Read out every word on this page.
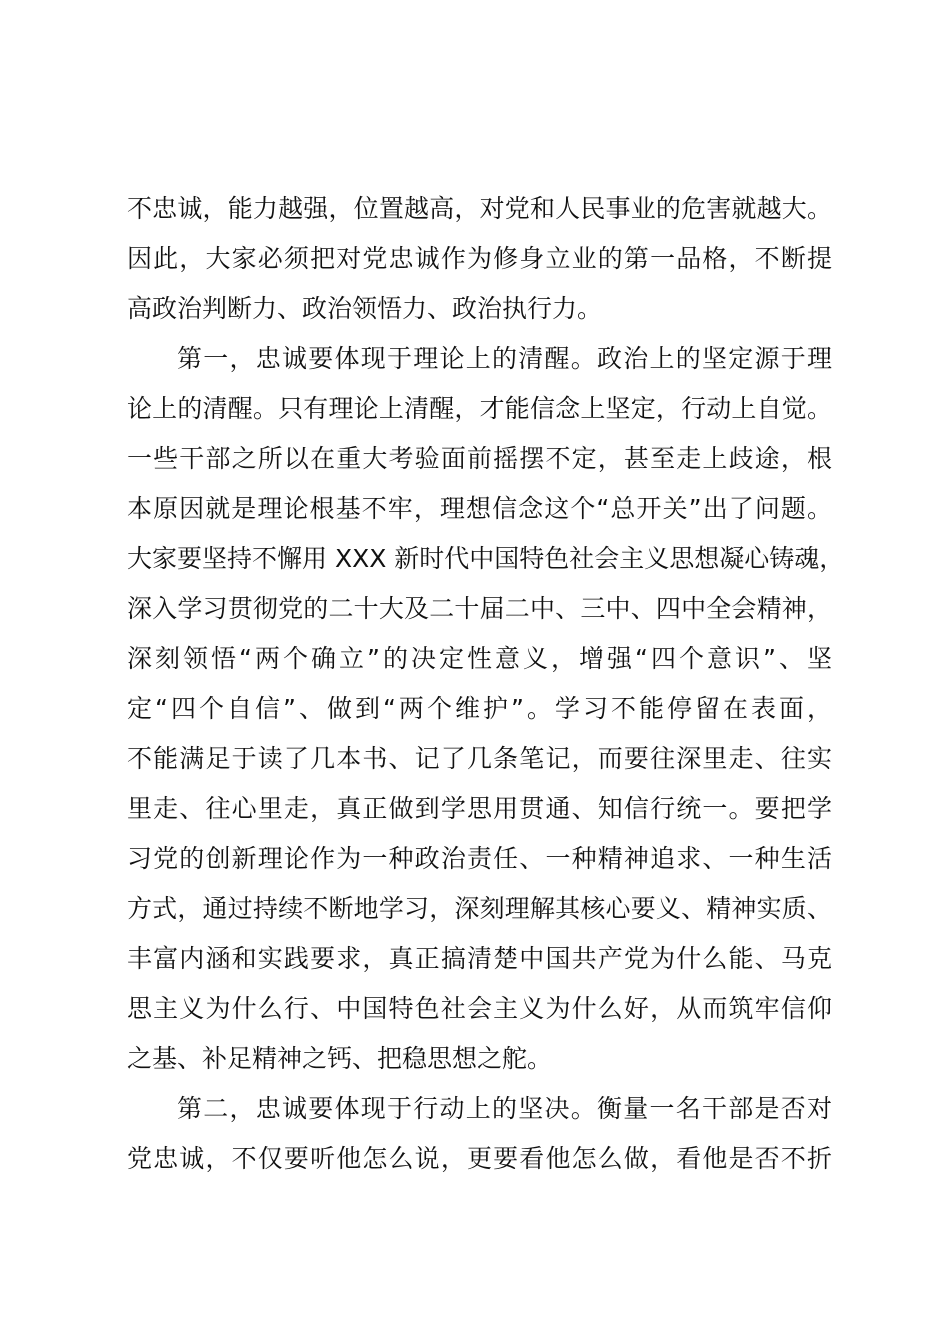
不忠诚，能力越强，位置越高，对党和人民事业的危害就越大。
因此，大家必须把对党忠诚作为修身立业的第一品格，不断提
高政治判断力、政治领悟力、政治执行力。
第一，忠诚要体现于理论上的清醒。政治上的坚定源于理
论上的清醒。只有理论上清醒，才能信念上坚定，行动上自觉。
一些干部之所以在重大考验面前摇摆不定，甚至走上歧途，根
本原因就是理论根基不牢，理想信念这个“总开关”出了问题。
大家要坚持不懈用 XXX 新时代中国特色社会主义思想凝心铸魂，
深入学习贯彻党的二十大及二十届二中、三中、四中全会精神，
深刻领悟“两个确立”的决定性意义，增强“四个意识”、坚
定“四个自信”、做到“两个维护”。学习不能停留在表面，
不能满足于读了几本书、记了几条笔记，而要往深里走、往实
里走、往心里走，真正做到学思用贯通、知信行统一。要把学
习党的创新理论作为一种政治责任、一种精神追求、一种生活
方式，通过持续不断地学习，深刻理解其核心要义、精神实质、
丰富内涵和实践要求，真正搞清楚中国共产党为什么能、马克
思主义为什么行、中国特色社会主义为什么好，从而筑牢信仰
之基、补足精神之钙、把稳思想之舵。
第二，忠诚要体现于行动上的坚决。衡量一名干部是否对
党忠诚，不仅要听他怎么说，更要看他怎么做，看他是否不折
